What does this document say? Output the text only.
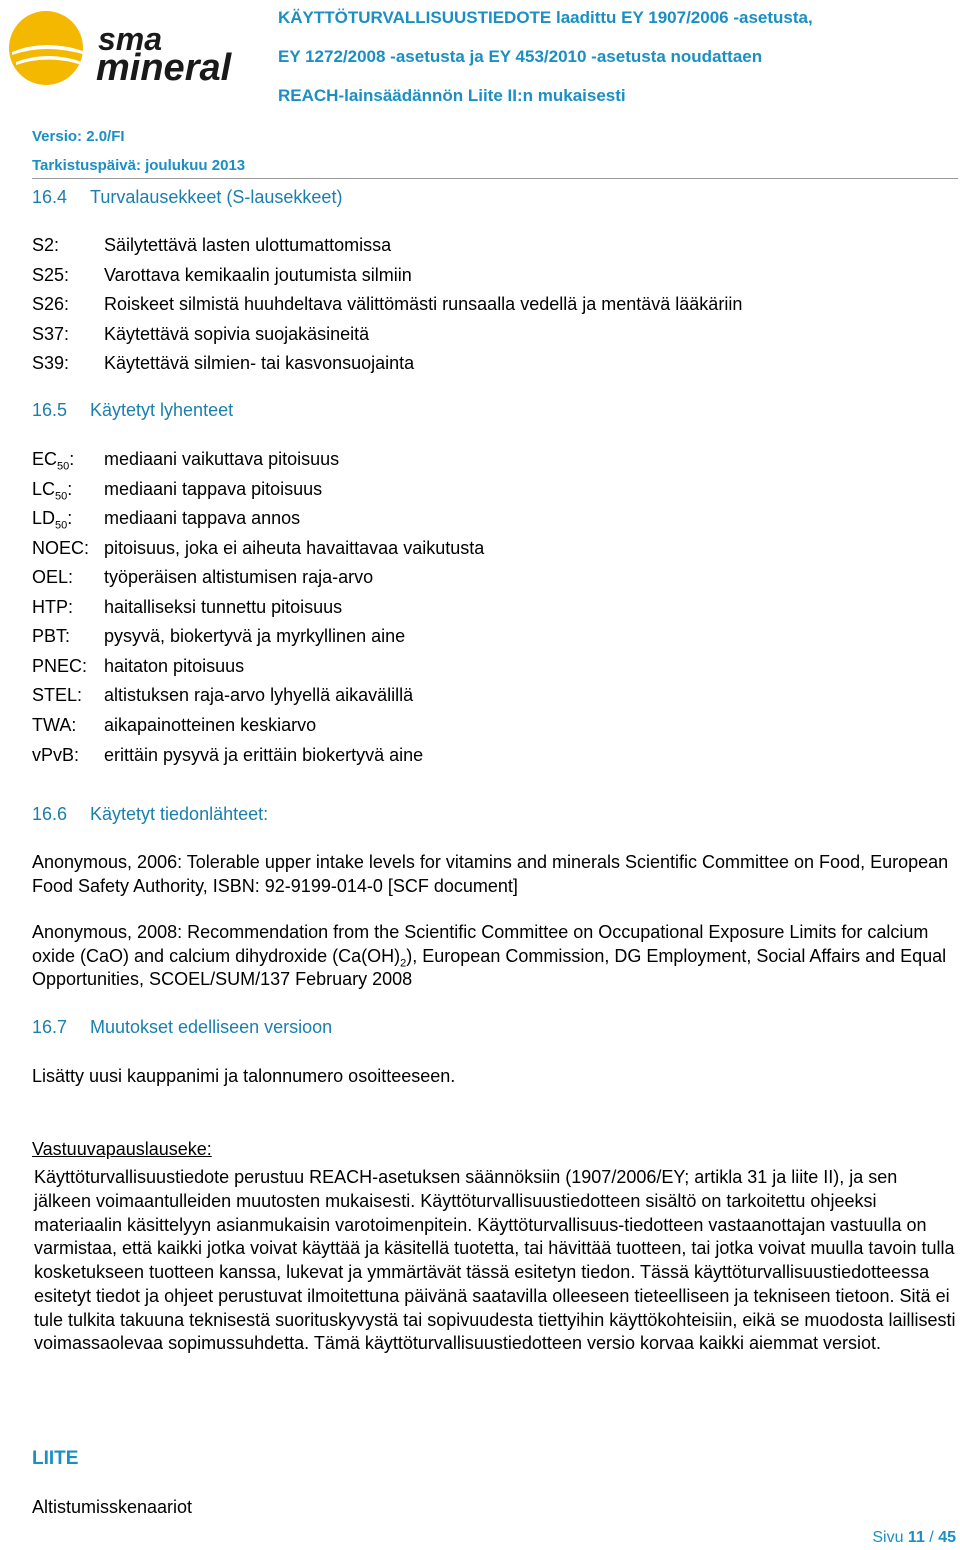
sma
mineral
KÄYTTÖTURVALLISUUSTIEDOTE laadittu EY 1907/2006 -asetusta,
EY 1272/2008 -asetusta ja EY 453/2010 -asetusta noudattaen
REACH-lainsäädännön Liite II:n mukaisesti
Versio: 2.0/FI
Tarkistuspäivä: joulukuu 2013
16.4 Turvalausekkeet (S-lausekkeet)
S2: Säilytettävä lasten ulottumattomissa
S25: Varottava kemikaalin joutumista silmiin
S26: Roiskeet silmistä huuhdeltava välittömästi runsaalla vedellä ja mentävä lääkäriin
S37: Käytettävä sopivia suojakäsineitä
S39: Käytettävä silmien- tai kasvonsuojainta
16.5 Käytetyt lyhenteet
$EC_{50}$: mediaani vaikuttava pitoisuus
$LC_{50}$: mediaani tappava pitoisuus
$LD_{50}$: mediaani tappava annos
NOEC: pitoisuus, joka ei aiheuta havaittavaa vaikutusta
OEL: työperäisen altistumisen raja-arvo
HTP: haitalliseksi tunnettu pitoisuus
PBT: pysyvä, biokertyvä ja myrkyllinen aine
PNEC: haitaton pitoisuus
STEL: altistuksen raja-arvo lyhyellä aikavälillä
TWA: aikapainotteinen keskiarvo
vPvB: erittäin pysyvä ja erittäin biokertyvä aine
16.6 Käytetyt tiedonlähteet:
Anonymous, 2006: Tolerable upper intake levels for vitamins and minerals Scientific Committee on Food, European Food Safety Authority, ISBN: 92-9199-014-0 [SCF document]
Anonymous, 2008: Recommendation from the Scientific Committee on Occupational Exposure Limits for calcium oxide (CaO) and calcium dihydroxide $(Ca(OH)_2)$, European Commission, DG Employment, Social Affairs and Equal Opportunities, SCOEL/SUM/137 February 2008
16.7 Muutokset edelliseen versioon
Lisätty uusi kauppanimi ja talonnumero osoitteeseen.
Vastuuvapauslauseke:
Käyttöturvallisuustiedote perustuu REACH-asetuksen säännöksiin (1907/2006/EY; artikla 31 ja liite II), ja sen jälkeen voimaantulleiden muutosten mukaisesti. Käyttöturvallisuustiedotteen sisältö on tarkoitettu ohjeeksi materiaalin käsittelyyn asianmukaisin varotoimenpitein. Käyttöturvallisuus-tiedotteen vastaanottajan vastuulla on varmistaa, että kaikki jotka voivat käyttää ja käsitellä tuotetta, tai hävittää tuotteen, tai jotka voivat muulla tavoin tulla kosketukseen tuotteen kanssa, lukevat ja ymmärtävät tässä esitetyn tiedon. Tässä käyttöturvallisuustiedotteessa esitetyt tiedot ja ohjeet perustuvat ilmoitettuna päivänä saatavilla olleeseen tieteelliseen ja tekniseen tietoon. Sitä ei tule tulkita takuuna teknisestä suorituskyvystä tai sopivuudesta tiettyihin käyttökohteisiin, eikä se muodosta laillisesti voimassaolevaa sopimussuhdetta. Tämä käyttöturvallisuustiedotteen versio korvaa kaikki aiemmat versiot.
LIITE
Altistumisskenaariot
Sivu 11 / 45
